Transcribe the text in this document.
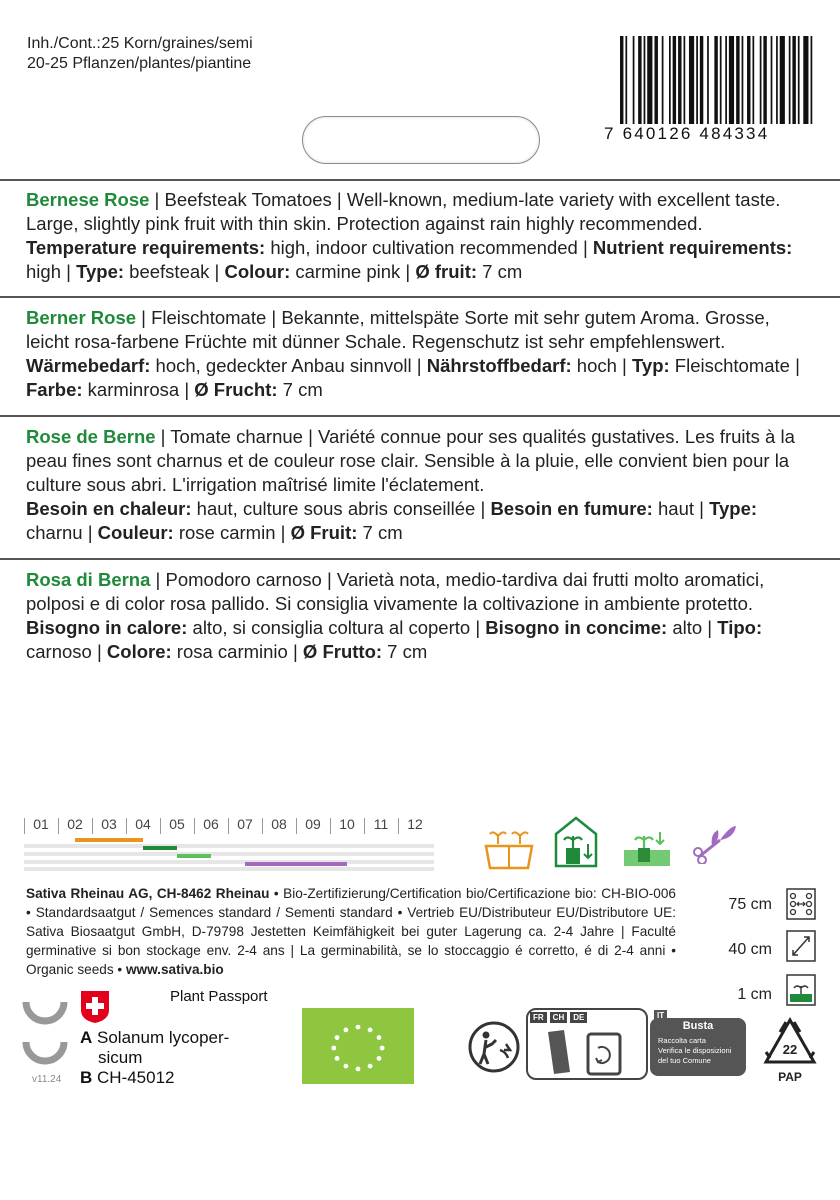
Inh./Cont.: 25 Korn/graines/semi
20-25 Pflanzen/plantes/piantine
7 640126 484334
Bernese Rose | Beefsteak Tomatoes | Well-known, medium-late variety with excellent taste. Large, slightly pink fruit with thin skin. Protection against rain highly recommended.
Temperature requirements: high, indoor cultivation recommended | Nutrient requirements: high | Type: beefsteak | Colour: carmine pink | Ø fruit: 7 cm
Berner Rose | Fleischtomate | Bekannte, mittelspäte Sorte mit sehr gutem Aroma. Grosse, leicht rosa-farbene Früchte mit dünner Schale. Regenschutz ist sehr empfehlenswert.
Wärmebedarf: hoch, gedeckter Anbau sinnvoll | Nährstoffbedarf: hoch | Typ: Fleischtomate | Farbe: karminrosa | Ø Frucht: 7 cm
Rose de Berne | Tomate charnue | Variété connue pour ses qualités gustatives. Les fruits à la peau fines sont charnus et de couleur rose clair. Sensible à la pluie, elle convient bien pour la culture sous abri. L'irrigation maîtrisé limite l'éclatement.
Besoin en chaleur: haut, culture sous abris conseillée | Besoin en fumure: haut | Type: charnu | Couleur: rose carmin | Ø Fruit: 7 cm
Rosa di Berna | Pomodoro carnoso | Varietà nota, medio-tardiva dai frutti molto aromatici, polposi e di color rosa pallido. Si consiglia vivamente la coltivazione in ambiente protetto.
Bisogno in calore: alto, si consiglia coltura al coperto | Bisogno in concime: alto | Tipo: carnoso | Colore: rosa carminio | Ø Frutto: 7 cm
01	02	03	04	05	06	07	08	09	10	11	12
Sativa Rheinau AG, CH-8462 Rheinau • Bio-Zertifizierung/Certification bio/Certificazione bio: CH-BIO-006 • Standardsaatgut / Semences standard / Sementi standard • Vertrieb EU/Distributeur EU/Distributore UE: Sativa Biosaatgut GmbH, D-79798 Jestetten Keimfähigkeit bei guter Lagerung ca. 2-4 Jahre | Faculté germinative si bon stockage env. 2-4 ans | La germinabilità, se lo stoccaggio é corretto, é di 2-4 anni • Organic seeds • www.sativa.bio
75 cm
40 cm
1 cm
v11.24
Plant Passport
A Solanum lycoper-
sicum
B CH-45012
FR	CH	DE	IT
Busta
Raccolta carta
Verifica le disposizioni
del tuo Comune
22
PAP
